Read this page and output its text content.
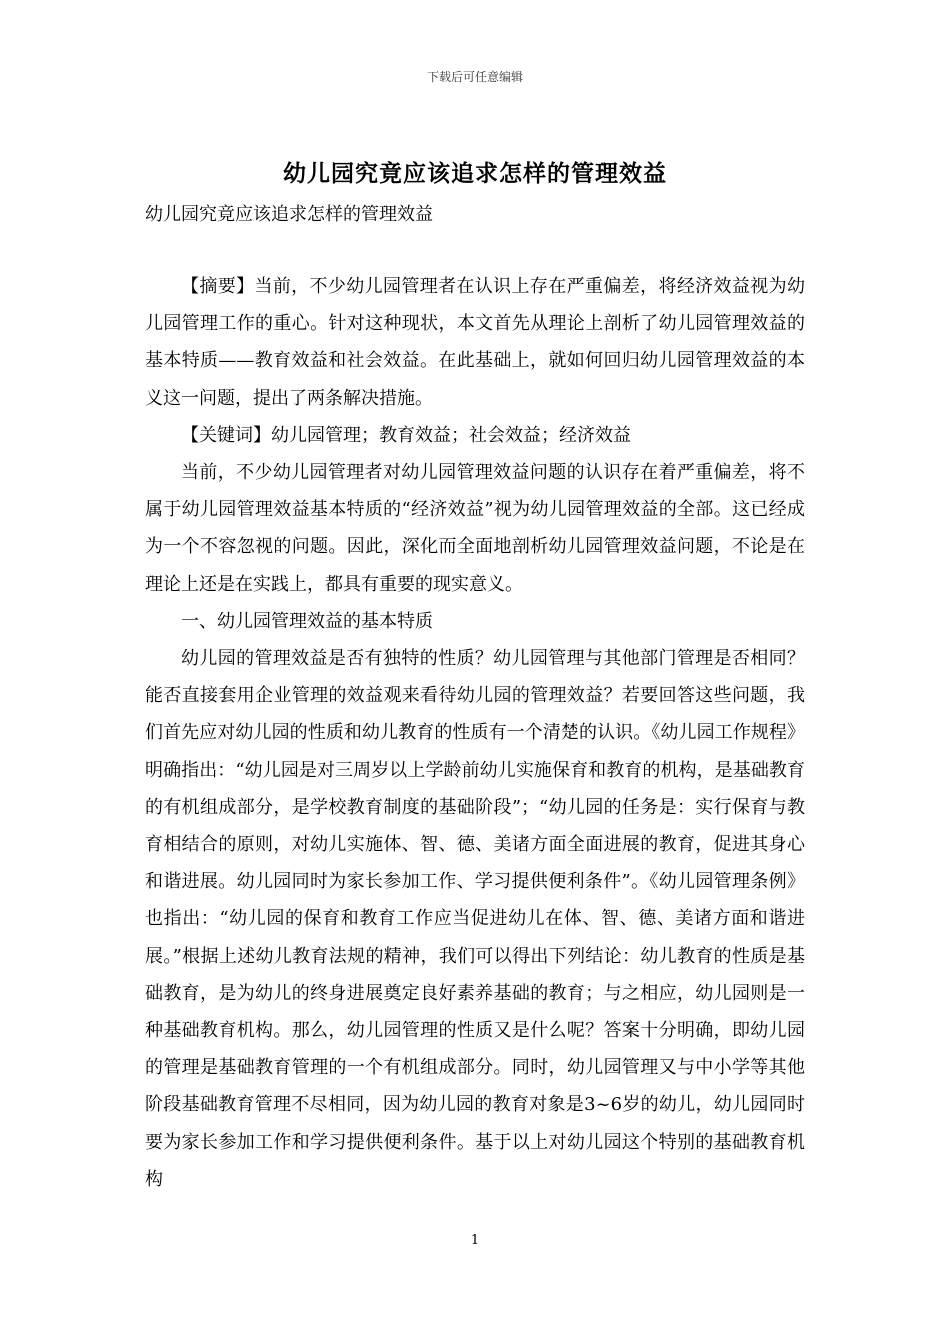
下载后可任意编辑
幼儿园究竟应该追求怎样的管理效益
幼儿园究竟应该追求怎样的管理效益

【摘要】当前，不少幼儿园管理者在认识上存在严重偏差，将经济效益视为幼儿园管理工作的重心。针对这种现状，本文首先从理论上剖析了幼儿园管理效益的基本特质——教育效益和社会效益。在此基础上，就如何回归幼儿园管理效益的本义这一问题，提出了两条解决措施。

【关键词】幼儿园管理；教育效益；社会效益；经济效益

当前，不少幼儿园管理者对幼儿园管理效益问题的认识存在着严重偏差，将不属于幼儿园管理效益基本特质的“经济效益”视为幼儿园管理效益的全部。这已经成为一个不容忽视的问题。因此，深化而全面地剖析幼儿园管理效益问题，不论是在理论上还是在实践上，都具有重要的现实意义。

一、幼儿园管理效益的基本特质

幼儿园的管理效益是否有独特的性质？幼儿园管理与其他部门管理是否相同？能否直接套用企业管理的效益观来看待幼儿园的管理效益？若要回答这些问题，我们首先应对幼儿园的性质和幼儿教育的性质有一个清楚的认识。《幼儿园工作规程》明确指出：“幼儿园是对三周岁以上学龄前幼儿实施保育和教育的机构，是基础教育的有机组成部分，是学校教育制度的基础阶段”；“幼儿园的任务是：实行保育与教育相结合的原则，对幼儿实施体、智、德、美诸方面全面进展的教育，促进其身心和谐进展。幼儿园同时为家长参加工作、学习提供便利条件”。《幼儿园管理条例》也指出：“幼儿园的保育和教育工作应当促进幼儿在体、智、德、美诸方面和谐进展。”根据上述幼儿教育法规的精神，我们可以得出下列结论：幼儿教育的性质是基础教育，是为幼儿的终身进展奠定良好素养基础的教育；与之相应，幼儿园则是一种基础教育机构。那么，幼儿园管理的性质又是什么呢？答案十分明确，即幼儿园的管理是基础教育管理的一个有机组成部分。同时，幼儿园管理又与中小学等其他阶段基础教育管理不尽相同，因为幼儿园的教育对象是3~6岁的幼儿，幼儿园同时要为家长参加工作和学习提供便利条件。基于以上对幼儿园这个特别的基础教育机构

1
